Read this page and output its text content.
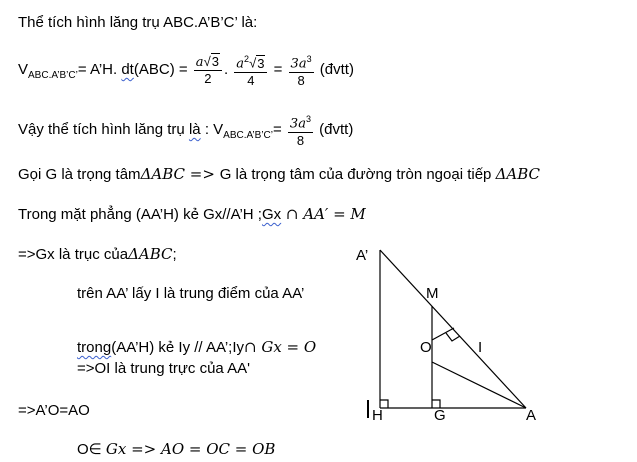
Thể tích hình lăng trụ ABC.A’B’C’ là:
$V_{ABC.A’B’C’}=$ A’H. $dt(ABC) = \frac{a√3}{2}$ . $\frac{a^2√3}{4} = \frac{3a^3}{8}$ (đvtt)
Vậy thể tích hình lăng trụ là : $V_{ABC.A’B’C’}= \frac{3a^3}{8}$ (đvtt)
Gọi G là trọng tâmΔABC => G là trọng tâm của đường tròn ngoại tiếp ΔABC
Trong mặt phẳng (AA’H) kẻ Gx//A’H ;Gx ∩ AA′ = M
=>Gx là trục củaΔABC;
trên AA’ lấy I là trung điểm của AA’
trong(AA’H) kẻ Iy // AA’;Iy∩ Gx = O
=>OI là trung trực của AA'
=>A’O=AO
O∈ Gx => AO = OC = OB
A’
M
O	I
H	G	A
